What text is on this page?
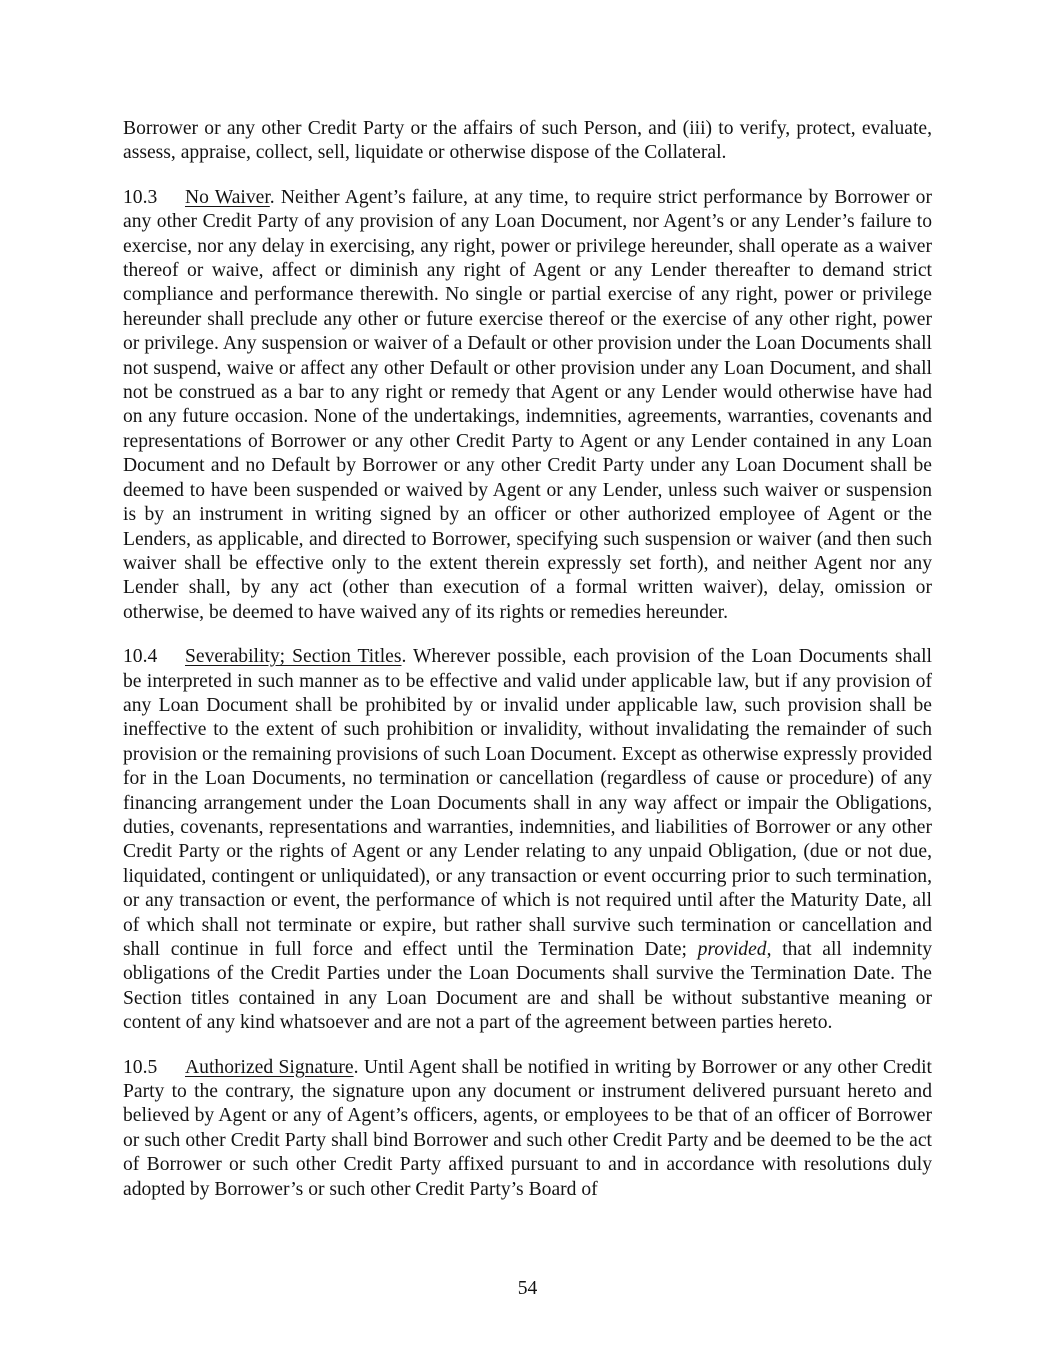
Borrower or any other Credit Party or the affairs of such Person, and (iii) to verify, protect, evaluate, assess, appraise, collect, sell, liquidate or otherwise dispose of the Collateral.

10.3 No Waiver. Neither Agent’s failure, at any time, to require strict performance by Borrower or any other Credit Party of any provision of any Loan Document, nor Agent’s or any Lender’s failure to exercise, nor any delay in exercising, any right, power or privilege hereunder, shall operate as a waiver thereof or waive, affect or diminish any right of Agent or any Lender thereafter to demand strict compliance and performance therewith. No single or partial exercise of any right, power or privilege hereunder shall preclude any other or future exercise thereof or the exercise of any other right, power or privilege. Any suspension or waiver of a Default or other provision under the Loan Documents shall not suspend, waive or affect any other Default or other provision under any Loan Document, and shall not be construed as a bar to any right or remedy that Agent or any Lender would otherwise have had on any future occasion. None of the undertakings, indemnities, agreements, warranties, covenants and representations of Borrower or any other Credit Party to Agent or any Lender contained in any Loan Document and no Default by Borrower or any other Credit Party under any Loan Document shall be deemed to have been suspended or waived by Agent or any Lender, unless such waiver or suspension is by an instrument in writing signed by an officer or other authorized employee of Agent or the Lenders, as applicable, and directed to Borrower, specifying such suspension or waiver (and then such waiver shall be effective only to the extent therein expressly set forth), and neither Agent nor any Lender shall, by any act (other than execution of a formal written waiver), delay, omission or otherwise, be deemed to have waived any of its rights or remedies hereunder.

10.4 Severability; Section Titles. Wherever possible, each provision of the Loan Documents shall be interpreted in such manner as to be effective and valid under applicable law, but if any provision of any Loan Document shall be prohibited by or invalid under applicable law, such provision shall be ineffective to the extent of such prohibition or invalidity, without invalidating the remainder of such provision or the remaining provisions of such Loan Document. Except as otherwise expressly provided for in the Loan Documents, no termination or cancellation (regardless of cause or procedure) of any financing arrangement under the Loan Documents shall in any way affect or impair the Obligations, duties, covenants, representations and warranties, indemnities, and liabilities of Borrower or any other Credit Party or the rights of Agent or any Lender relating to any unpaid Obligation, (due or not due, liquidated, contingent or unliquidated), or any transaction or event occurring prior to such termination, or any transaction or event, the performance of which is not required until after the Maturity Date, all of which shall not terminate or expire, but rather shall survive such termination or cancellation and shall continue in full force and effect until the Termination Date; provided, that all indemnity obligations of the Credit Parties under the Loan Documents shall survive the Termination Date. The Section titles contained in any Loan Document are and shall be without substantive meaning or content of any kind whatsoever and are not a part of the agreement between parties hereto.

10.5 Authorized Signature. Until Agent shall be notified in writing by Borrower or any other Credit Party to the contrary, the signature upon any document or instrument delivered pursuant hereto and believed by Agent or any of Agent’s officers, agents, or employees to be that of an officer of Borrower or such other Credit Party shall bind Borrower and such other Credit Party and be deemed to be the act of Borrower or such other Credit Party affixed pursuant to and in accordance with resolutions duly adopted by Borrower’s or such other Credit Party’s Board of

54
